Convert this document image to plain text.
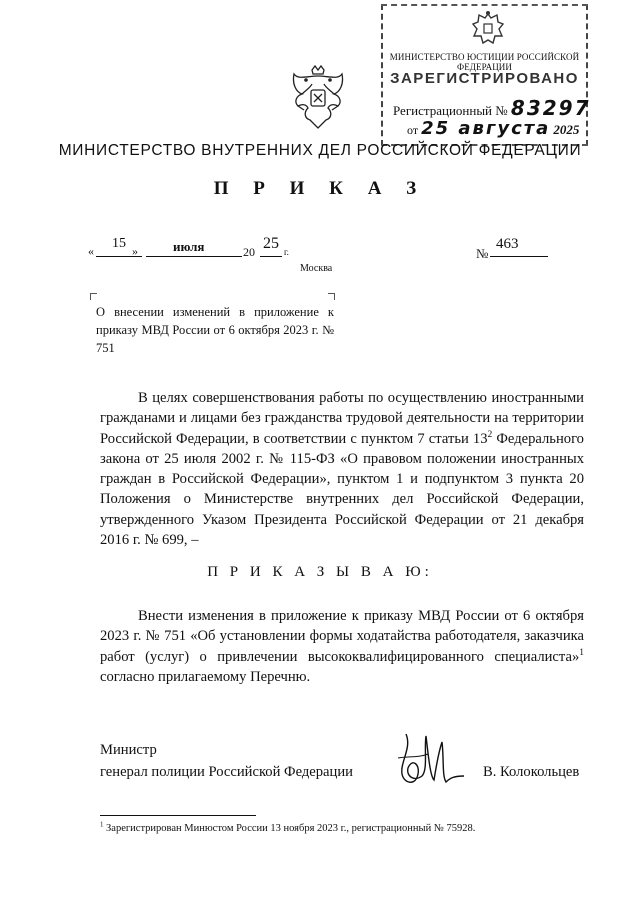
МИНИСТЕРСТВО ЮСТИЦИИ РОССИЙСКОЙ ФЕДЕРАЦИИ
ЗАРЕГИСТРИРОВАНО
Регистрационный № 83297
от 25 августа 2025
МИНИСТЕРСТВО ВНУТРЕННИХ ДЕЛ РОССИЙСКОЙ ФЕДЕРАЦИИ
П Р И К А З
« 15 »	июля	20 25 г.	№
463
Москва
О внесении изменений в приложение к приказу МВД России от 6 октября 2023 г. № 751
В целях совершенствования работы по осуществлению иностранными гражданами и лицами без гражданства трудовой деятельности на территории Российской Федерации, в соответствии с пунктом 7 статьи $13^2$ Федерального закона от 25 июля 2002 г. № 115-ФЗ «О правовом положении иностранных граждан в Российской Федерации», пунктом 1 и подпунктом 3 пункта 20 Положения о Министерстве внутренних дел Российской Федерации, утвержденного Указом Президента Российской Федерации от 21 декабря 2016 г. № 699, –
П Р И К А З Ы В А Ю:
Внести изменения в приложение к приказу МВД России от 6 октября 2023 г. № 751 «Об установлении формы ходатайства работодателя, заказчика работ (услуг) о привлечении высококвалифицированного специалиста»$^1$ согласно прилагаемому Перечню.
Министр
генерал полиции Российской Федерации	В. Колокольцев
$^1$ Зарегистрирован Минюстом России 13 ноября 2023 г., регистрационный № 75928.
